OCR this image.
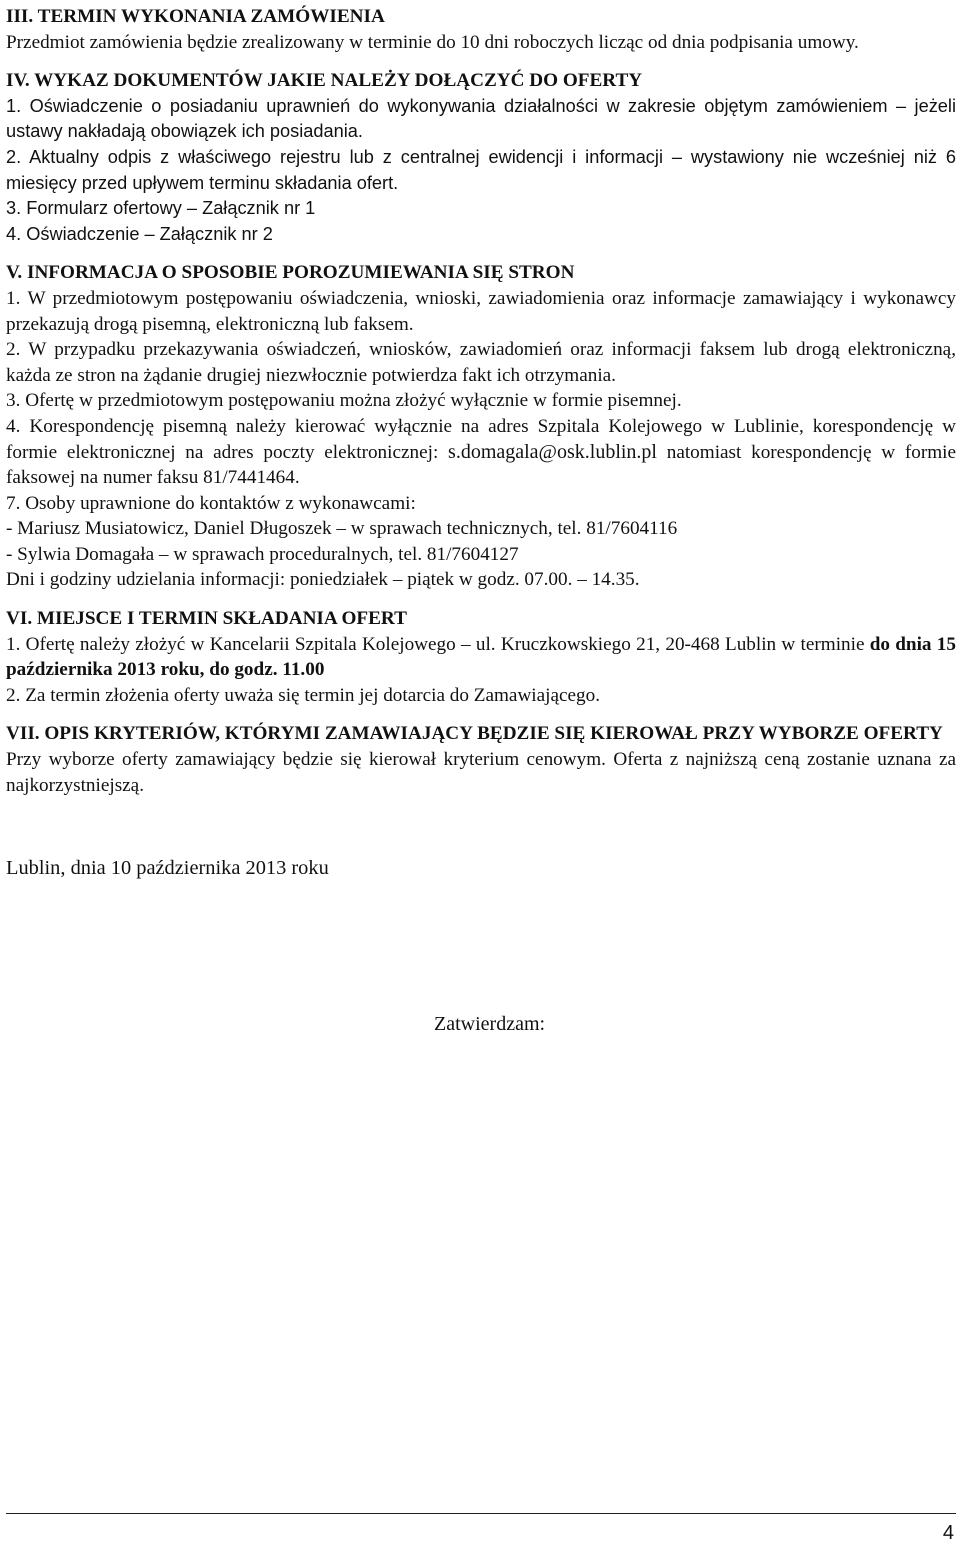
III. TERMIN WYKONANIA ZAMÓWIENIA
Przedmiot zamówienia będzie zrealizowany w terminie do 10 dni roboczych licząc od dnia podpisania umowy.
IV. WYKAZ DOKUMENTÓW JAKIE NALEŻY DOŁĄCZYĆ DO OFERTY
1. Oświadczenie o posiadaniu uprawnień do wykonywania działalności w zakresie objętym zamówieniem – jeżeli ustawy nakładają obowiązek ich posiadania.
2. Aktualny odpis z właściwego rejestru lub z centralnej ewidencji i informacji – wystawiony nie wcześniej niż 6 miesięcy przed upływem terminu składania ofert.
3. Formularz ofertowy – Załącznik nr 1
4. Oświadczenie – Załącznik nr 2
V. INFORMACJA O SPOSOBIE POROZUMIEWANIA SIĘ STRON
1. W przedmiotowym postępowaniu oświadczenia, wnioski, zawiadomienia oraz informacje zamawiający i wykonawcy przekazują drogą pisemną, elektroniczną lub faksem.
2. W przypadku przekazywania oświadczeń, wniosków, zawiadomień oraz informacji faksem lub drogą elektroniczną, każda ze stron na żądanie drugiej niezwłocznie potwierdza fakt ich otrzymania.
3. Ofertę w przedmiotowym postępowaniu można złożyć wyłącznie w formie pisemnej.
4. Korespondencję pisemną należy kierować wyłącznie na adres Szpitala Kolejowego w Lublinie, korespondencję w formie elektronicznej na adres poczty elektronicznej: s.domagala@osk.lublin.pl natomiast korespondencję w formie faksowej na numer faksu 81/7441464.
7. Osoby uprawnione do kontaktów z wykonawcami:
- Mariusz Musiatowicz, Daniel Długoszek – w sprawach technicznych, tel. 81/7604116
- Sylwia Domagała – w sprawach proceduralnych, tel. 81/7604127
Dni i godziny udzielania informacji: poniedziałek – piątek w godz. 07.00. – 14.35.
VI. MIEJSCE I TERMIN SKŁADANIA OFERT
1. Ofertę należy złożyć w Kancelarii Szpitala Kolejowego – ul. Kruczkowskiego 21, 20-468 Lublin w terminie do dnia 15 października 2013 roku, do godz. 11.00
2. Za termin złożenia oferty uważa się termin jej dotarcia do Zamawiającego.
VII. OPIS KRYTERIÓW, KTÓRYMI ZAMAWIAJĄCY BĘDZIE SIĘ KIEROWAŁ PRZY WYBORZE OFERTY
Przy wyborze oferty zamawiający będzie się kierował kryterium cenowym. Oferta z najniższą ceną zostanie uznana za najkorzystniejszą.
Lublin, dnia 10 października 2013 roku
Zatwierdzam:
4
